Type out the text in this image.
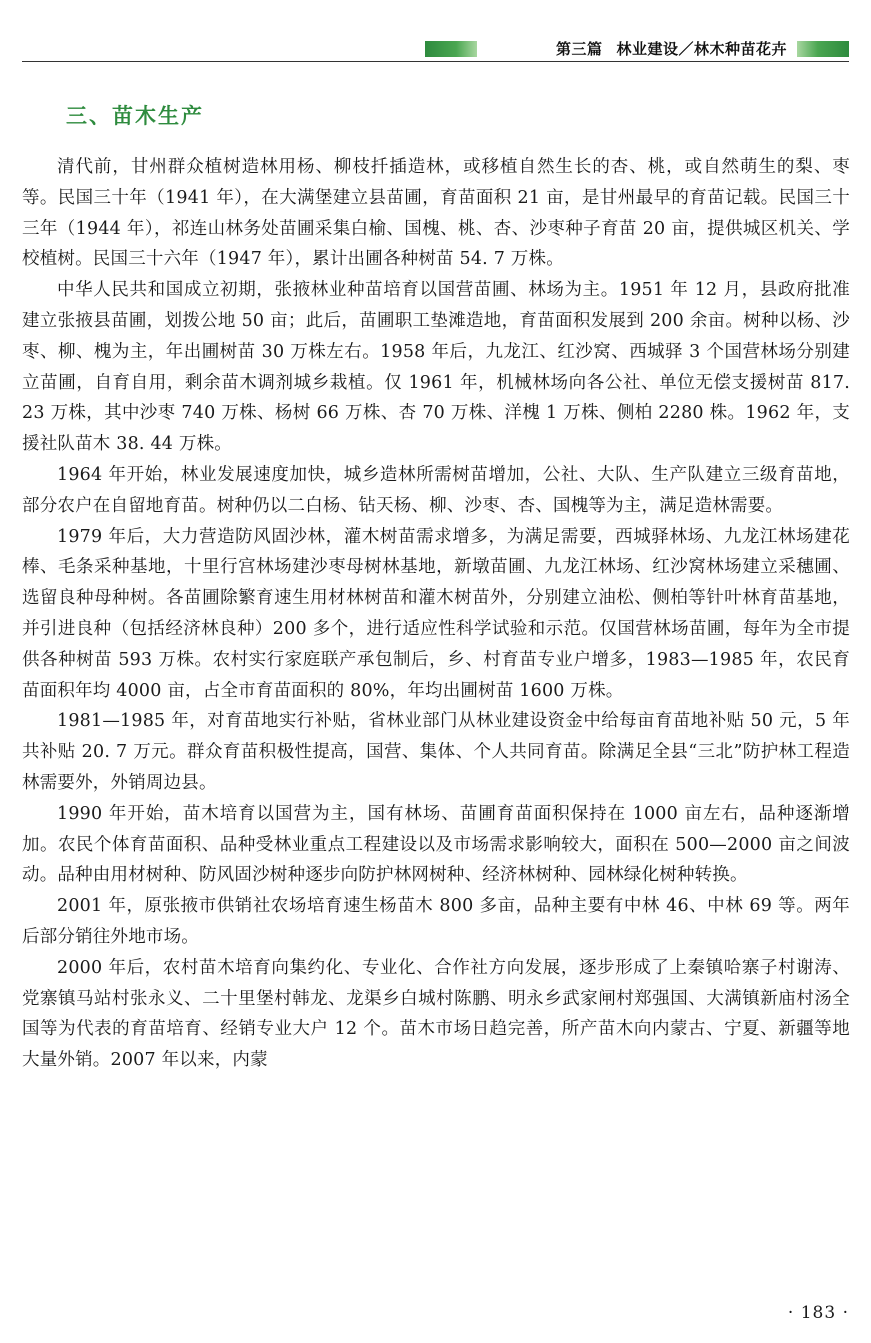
第三篇 林业建设／林木种苗花卉
三、苗木生产

清代前，甘州群众植树造林用杨、柳枝扦插造林，或移植自然生长的杏、桃，或自然萌生的梨、枣等。民国三十年（1941 年），在大满堡建立县苗圃，育苗面积 21 亩，是甘州最早的育苗记载。民国三十三年（1944 年），祁连山林务处苗圃采集白榆、国槐、桃、杏、沙枣种子育苗 20 亩，提供城区机关、学校植树。民国三十六年（1947 年），累计出圃各种树苗 54. 7 万株。

中华人民共和国成立初期，张掖林业种苗培育以国营苗圃、林场为主。1951 年 12 月，县政府批准建立张掖县苗圃，划拨公地 50 亩；此后，苗圃职工垫滩造地，育苗面积发展到 200 余亩。树种以杨、沙枣、柳、槐为主，年出圃树苗 30 万株左右。1958 年后，九龙江、红沙窝、西城驿 3 个国营林场分别建立苗圃，自育自用，剩余苗木调剂城乡栽植。仅 1961 年，机械林场向各公社、单位无偿支援树苗 817. 23 万株，其中沙枣 740 万株、杨树 66 万株、杏 70 万株、洋槐 1 万株、侧柏 2280 株。1962 年，支援社队苗木 38. 44 万株。

1964 年开始，林业发展速度加快，城乡造林所需树苗增加，公社、大队、生产队建立三级育苗地，部分农户在自留地育苗。树种仍以二白杨、钻天杨、柳、沙枣、杏、国槐等为主，满足造林需要。

1979 年后，大力营造防风固沙林，灌木树苗需求增多，为满足需要，西城驿林场、九龙江林场建花棒、毛条采种基地，十里行宫林场建沙枣母树林基地，新墩苗圃、九龙江林场、红沙窝林场建立采穗圃、选留良种母种树。各苗圃除繁育速生用材林树苗和灌木树苗外，分别建立油松、侧柏等针叶林育苗基地，并引进良种（包括经济林良种）200 多个，进行适应性科学试验和示范。仅国营林场苗圃，每年为全市提供各种树苗 593 万株。农村实行家庭联产承包制后，乡、村育苗专业户增多，1983—1985 年，农民育苗面积年均 4000 亩，占全市育苗面积的 80%，年均出圃树苗 1600 万株。

1981—1985 年，对育苗地实行补贴，省林业部门从林业建设资金中给每亩育苗地补贴 50 元，5 年共补贴 20. 7 万元。群众育苗积极性提高，国营、集体、个人共同育苗。除满足全县“三北”防护林工程造林需要外，外销周边县。

1990 年开始，苗木培育以国营为主，国有林场、苗圃育苗面积保持在 1000 亩左右，品种逐渐增加。农民个体育苗面积、品种受林业重点工程建设以及市场需求影响较大，面积在 500—2000 亩之间波动。品种由用材树种、防风固沙树种逐步向防护林网树种、经济林树种、园林绿化树种转换。

2001 年，原张掖市供销社农场培育速生杨苗木 800 多亩，品种主要有中林 46、中林 69 等。两年后部分销往外地市场。

2000 年后，农村苗木培育向集约化、专业化、合作社方向发展，逐步形成了上秦镇哈寨子村谢涛、党寨镇马站村张永义、二十里堡村韩龙、龙渠乡白城村陈鹏、明永乡武家闸村郑强国、大满镇新庙村汤全国等为代表的育苗培育、经销专业大户 12 个。苗木市场日趋完善，所产苗木向内蒙古、宁夏、新疆等地大量外销。2007 年以来，内蒙

· 183 ·
